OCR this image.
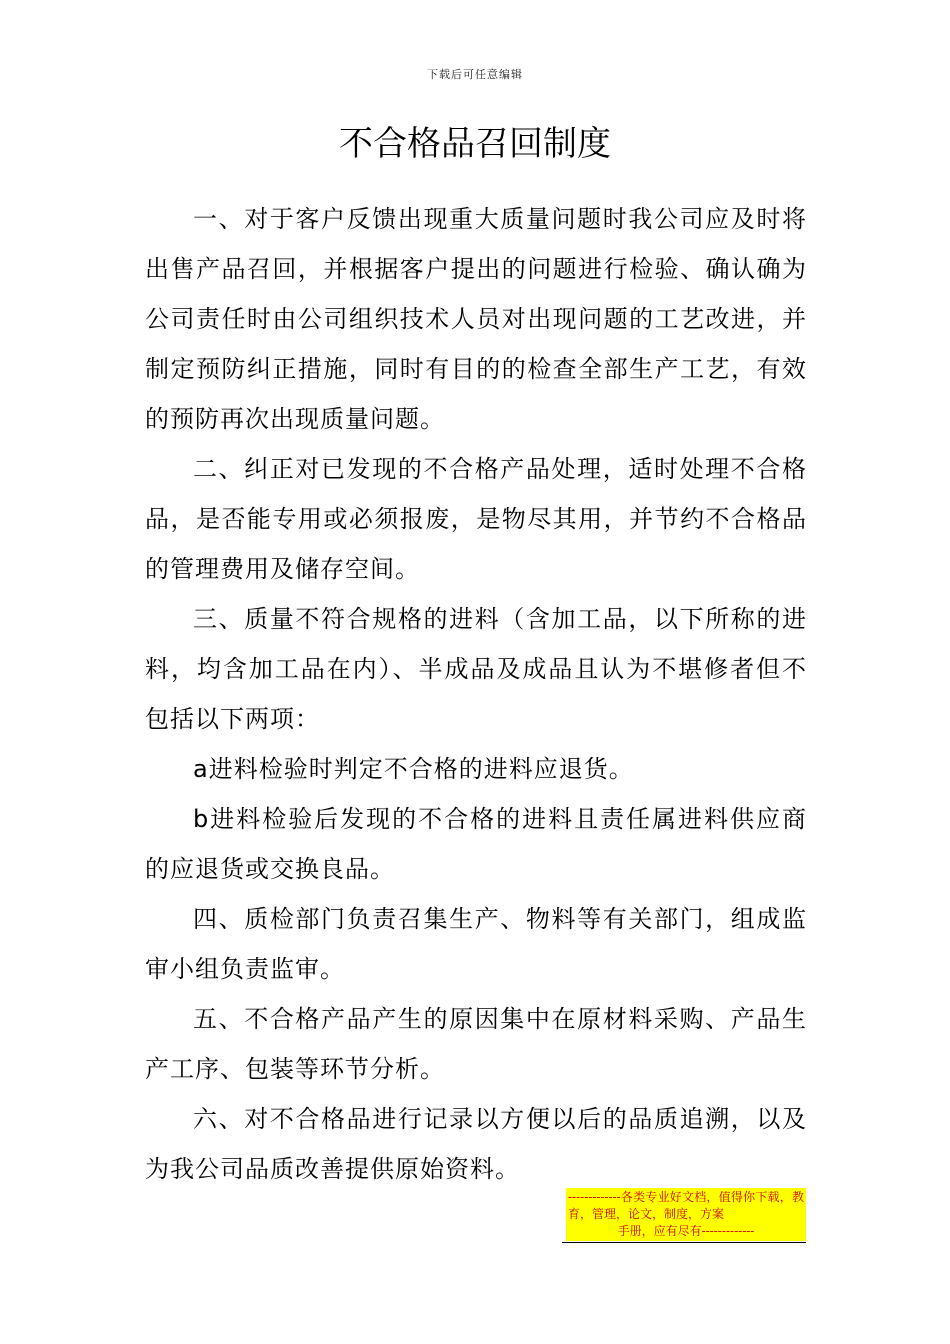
下载后可任意编辑
不合格品召回制度

一、对于客户反馈出现重大质量问题时我公司应及时将出售产品召回，并根据客户提出的问题进行检验、确认确为公司责任时由公司组织技术人员对出现问题的工艺改进，并制定预防纠正措施，同时有目的的检查全部生产工艺，有效的预防再次出现质量问题。

二、纠正对已发现的不合格产品处理，适时处理不合格品，是否能专用或必须报废，是物尽其用，并节约不合格品的管理费用及储存空间。

三、质量不符合规格的进料（含加工品，以下所称的进料，均含加工品在内）、半成品及成品且认为不堪修者但不包括以下两项：

a进料检验时判定不合格的进料应退货。

b进料检验后发现的不合格的进料且责任属进料供应商的应退货或交换良品。

四、质检部门负责召集生产、物料等有关部门，组成监审小组负责监审。

五、不合格产品产生的原因集中在原材料采购、产品生产工序、包装等环节分析。

六、对不合格品进行记录以方便以后的品质追溯，以及为我公司品质改善提供原始资料。

-------------各类专业好文档，值得你下载，教育，管理，论文，制度，方案
手册，应有尽有-------------
